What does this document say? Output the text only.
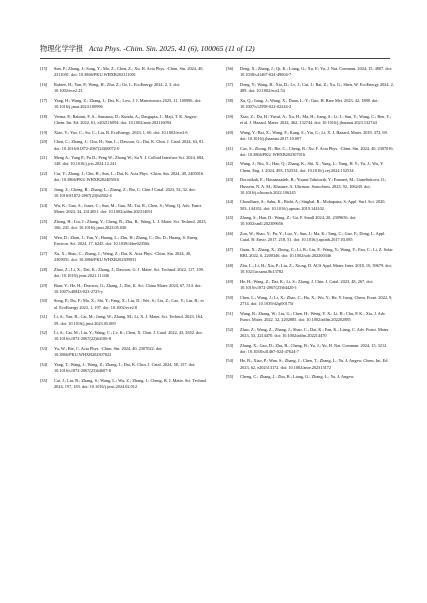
物理化学学报 Acta Phys. -Chim. Sin. 2025, 41 (6), 100065 (11 of 12)
[15] Sun, P.; Zhang, J.; Song, Y.; Mo, Z.; Chen, Z.; Xu, H. Acta Phys. -Chim. Sin. 2024, 40, 2311001. doi: 10.3866/PKU.WHXB202311001
[16] Rabiee, H.; Yan, P.; Wang, H.; Zhu, Z.; Ge, L. EcoEnergy 2024, 2, 3. doi: 10.1002/ece2.23
[17] Yang, H.; Wang, Z.; Zhang, J.; Dai, K.; Low, J. J. Materiomics 2025, 11, 100996. doi: 10.1016/j.jmat.2024.100996
[18] Verma, P.; Rahimi, F. A.; Samanta, D.; Kundu, A.; Dasgupta, J.; Maji, T. K. Angew. Chem. Int. Ed. 2022, 61, e202116094. doi: 10.1002/anie.202116094
[19] Xiao, Y.; Yao, C.; Su, C.; Liu, B. EcoEnergy. 2023, 1, 60. doi: 10.1002/ece2.6
[20] Chen, C.; Zhang, J.; Chu, H.; Sun, L.; Dawson, G.; Dai, K. Chin. J. Catal. 2024, 63, 81. doi: 10.1016/S1872-2067(24)60072-0
[21] Meng A.; Yang P.; Pu D.; Peng W.; Zhong W.; Su Y. J. Colloid Interface Sci. 2024, 684, 148. doi: 10.1016/j.jcis.2024.12.241
[22] Cui, Y.; Zhang, J.; Chu, H.; Sun, L.; Dai, K. Acta Phys. -Chim. Sin. 2024, 40, 2405016. doi: 10.3866/PKU.WHXB202405016
[23] Jiang, Z.; Cheng, B.; Zhang, L.; Zhang, Z.; Bie, C. Chin J Catal. 2023, 52, 32. doi: 10.1016/S1872-2067(23)64502-4
[24] Wu, K.; Guo, S.; Jones, C.; Sun, M.; Guo, M.; Tai, R.; Chen, S.; Wang, Q. Adv. Funct. Mater. 2024, 34, 2314051. doi: 10.1002/adfm.202314051
[25] Zhong, H.; Liu, J.; Zhang, Y.; Cheng, B.; Zhu, B.; Wang, L. J. Mater. Sci. Technol. 2023, 166, 241. doi: 10.1016/j.jmst.2023.05.030
[26] Wen, D.; Zhan, J.; Yan, Y.; Huang, L.; Zhu, H.; Zhang, C.; Du, D.; Huang, S. Energ. Environ. Sci. 2024, 17, 6245. doi: 10.1039/d4ee02356k
[27] Xu, X.; Shao, C.; Zhang, J.; Wang, Z.; Dai, K. Acta Phys. -Chim. Sin. 2024, 40, 2309031. doi: 10.3866/PKU.WHXB202309031
[28] Zhao, Z.; Li, X.; Dai, K.; Zhang, J.; Dawson, G. J. Mater. Sci. Technol. 2022, 117, 109. doi: 10.1016/j.jmst.2021.11.046
[29] Bian, Y.; He, H.; Dawson, G.; Zhang, J.; Dai, K. Sci. China Mater. 2024, 67, 514. doi: 10.1007/s40843-023-2725-y
[30] Song, P.; Du, F.; Ma, X.; Shi, Y.; Fang, X.; Liu, D.; Wei, S.; Liu, Z.; Cao, Y.; Lin, B.; et al. EcoEnergy 2023, 1, 197. doi: 10.1002/ece2.8
[31] Li, S.; Yan, R.; Cai, M.; Jiang, W.; Zhang, M.; Li, X. J. Mater. Sci. Technol. 2023, 164, 59. doi: 10.1016/j.jmst.2023.05.009
[32] Li, S.; Cai, M.; Liu, Y.; Wang, C.; Lv, K.; Chen, X. Chin. J. Catal. 2022, 43, 2652. doi: 10.1016/s1872-2067(22)64106-8
[33] Yu, W.; Bie, C. Acta Phys. -Chim. Sin. 2024, 40, 2307022. doi: 10.3866/PKU.WHXB202307022
[34] Yang, T.; Wang, J.; Wang, Z.; Zhang, J.; Dai, K. Chin. J. Catal. 2024, 58, 157. doi: 10.1016/s1872-2067(23)64607-8
[35] Cai, J.; Liu, B.; Zhang, S.; Wang, L.; Wu, Z.; Zhang, J.; Cheng, B. J. Mater. Sci. Technol. 2024, 197, 183. doi: 10.1016/j.jmst.2024.02.012
[36] Deng, X.; Zhang, J.; Qi, K.; Liang, G.; Xu, F.; Yu, J. Nat. Commun. 2024, 15, 4807. doi: 10.1038/s41467-024-49004-7
[37] Dong, Y.; Wang, B.; Xia, D.; Lv, J.; Cui, J.; Bai, Z.; Xu, G.; Shen, W. EcoEnergy 2024, 2, 489. doi: 10.1002/ece2.54
[38] Xu, Q.; Jiang, J.; Wang, X.; Duan, L.-Y.; Guo, H. Rare Met. 2023, 42, 1888. doi: 10.1007/s12598-022-02244-2
[39] Xiao, Z.; Du, H.; Yusuf, A.; Xu, H.; Ma, H.; Jiang, S.; Li, J.; Sun, Y.; Wang, C.; Ren, Y.; et al. J. Hazard. Mater. 2024, 462, 132744. doi: 10.1016/j.jhazmat.2023.132744
[40] Wang, Y.; Bai, X.; Wang, F.; Kang, S.; Yin, C.; Li, X. J. Hazard. Mater. 2019, 372, 69. doi: 10.1016/j.jhazmat.2017.10.007
[41] Cao, S.; Zhong, B.; Bie, C.; Cheng, B.; Xu, F. Acta Phys. -Chim. Sin. 2024, 40, 2307016. doi: 10.3866/PKU.WHXB202307016
[42] Wang, J.; Niu, X.; Hao, Q.; Zhang, K.; Shi, X.; Yang, L.; Yang, H. Y.; Yu, J.; Wu, Y. Chem. Eng. J. 2024, 493, 152534. doi: 10.1016/j.cej.2024.152534
[43] Dorostkah, E.; Hassanzadeh, B.; Younsi Tabriozib, Y.; Ennaert, M.; Gunelinkova, O.; Hussein, N. A. M.; Khataee, A. Ultrason. Sonochem. 2023, 92, 106245. doi: 10.1016/j.ultsonch.2022.106245
[44] Choudhary, S.; Sahu, K.; Bisht, A.; Singhal, R.; Mohapatra, S. Appl. Surf. Sci. 2020, 503, 144102. doi: 10.1016/j.apsusc.2019.144102
[45] Zhang, S.; Han, D.; Wang, Z.; Gu, F. Small 2024, 20, 2309656. doi: 10.1002/smll.202309656
[46] Zou, W.; Shao, Y.; Pu, Y.; Luo, Y.; Sun, J.; Ma, K.; Tang, C.; Gao, F.; Dong, L. Appl. Catal. B: Envir. 2017, 218, 51. doi: 10.1016/j.apcatb.2017.03.085
[47] Guan, X.; Zhang, X.; Zhong, C.; Li, R.; Liu, F.; Wang, Y.; Wang, Y.; Fan, C.; Li, Z. Solar RRL 2022, 6, 2200346. doi: 10.1002/solr.202200346
[48] Zhu, L.; Li, H.; Xia, P.; Liu, Z.; Xiong, D. ACS Appl. Mater. Inter. 2018, 10, 39679. doi: 10.1021/acsami.8b13782
[49] He, H.; Wang, Z.; Dai, K.; Li, S.; Zhang, J. Chin. J. Catal. 2023, 48, 267. doi: 10.1016/s1872-2067(23)64420-1
[50] Chen, L.; Wang, J.; Li, X.; Zhao, C.; Hu, X.; Wu, Y.; He, Y. Inorg. Chem. Front. 2022, 9, 2714. doi: 10.1039/d2qi00175f
[51] Wang, B.; Zhang, W.; Liu, G.; Chen, H.; Weng, Y. X.; Li, H.; Chu, P. K.; Xia, J. Adv. Funct. Mater. 2022, 32, 2202885. doi: 10.1002/adfm.202202885
[52] Zhao, Z.; Wang, Z.; Zhang, J.; Shao, C.; Dai, K.; Fan, K.; Liang, C. Adv. Funct. Mater. 2023, 33, 2214470. doi: 10.1002/adfm.202214470
[53] Zhang, X.; Gao, D.; Zhu, B.; Cheng, B.; Yu, J.; Yu, H. Nat. Commun. 2024, 15, 3212. doi: 10.1038/s41467-024-47624-7
[54] He, B.; Xiao, P.; Wan, S.; Zhang, J.; Chen, T.; Zhang, L.; Yu, J. Angew. Chem. Int. Ed. 2023, 62, e202313172. doi: 10.1002/anie.202313172
[55] Cheng, C.; Zhang, J.; Zhu, B.; Liang, G.; Zhang, L.; Yu, J. Angew.
